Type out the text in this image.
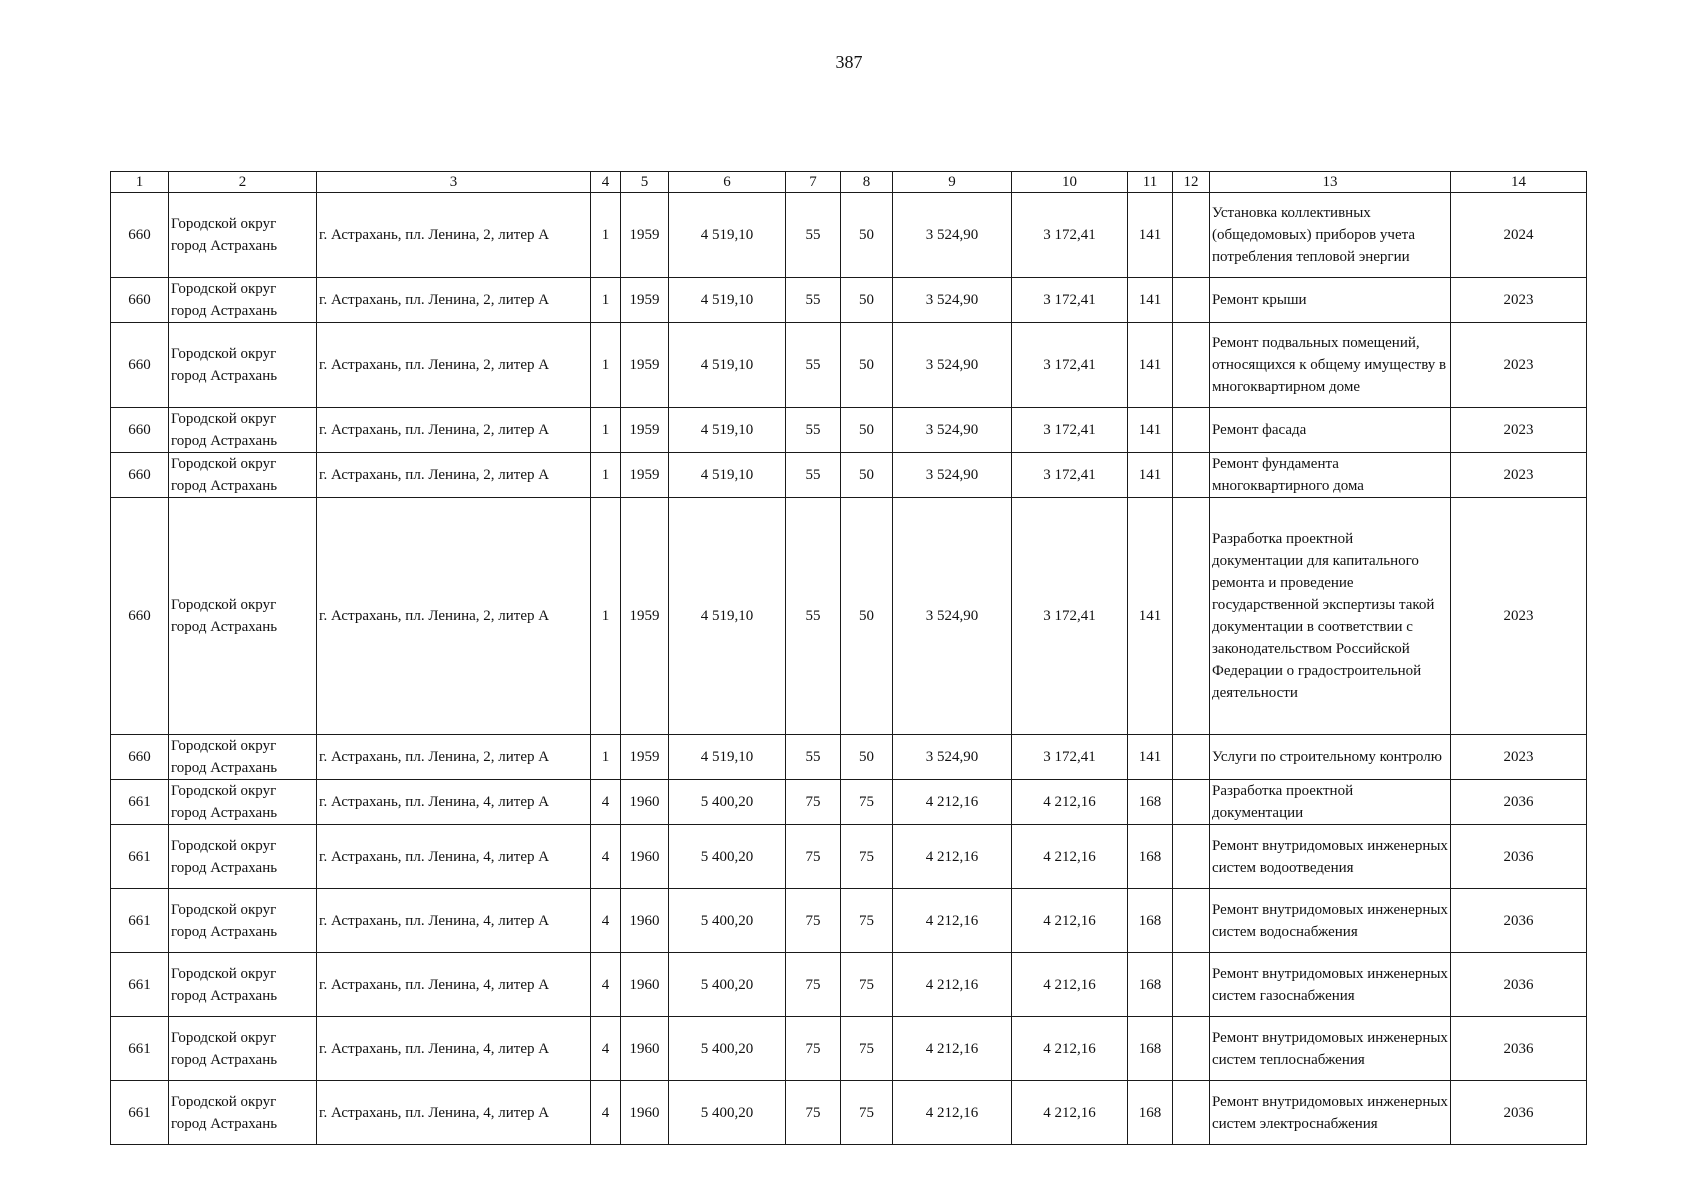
387
1	2	3	4	5	6	7	8	9	10	11	12	13	14
660	Городской округ город Астрахань	г. Астрахань, пл. Ленина, 2, литер А	1	1959	4 519,10	55	50	3 524,90	3 172,41	141		Установка коллективных (общедомовых) приборов учета потребления тепловой энергии	2024
660	Городской округ город Астрахань	г. Астрахань, пл. Ленина, 2, литер А	1	1959	4 519,10	55	50	3 524,90	3 172,41	141		Ремонт крыши	2023
660	Городской округ город Астрахань	г. Астрахань, пл. Ленина, 2, литер А	1	1959	4 519,10	55	50	3 524,90	3 172,41	141		Ремонт подвальных помещений, относящихся к общему имуществу в многоквартирном доме	2023
660	Городской округ город Астрахань	г. Астрахань, пл. Ленина, 2, литер А	1	1959	4 519,10	55	50	3 524,90	3 172,41	141		Ремонт фасада	2023
660	Городской округ город Астрахань	г. Астрахань, пл. Ленина, 2, литер А	1	1959	4 519,10	55	50	3 524,90	3 172,41	141		Ремонт фундамента многоквартирного дома	2023
660	Городской округ город Астрахань	г. Астрахань, пл. Ленина, 2, литер А	1	1959	4 519,10	55	50	3 524,90	3 172,41	141		Разработка проектной документации для капитального ремонта и проведение государственной экспертизы такой документации в соответствии с законодательством Российской Федерации о градостроительной деятельности	2023
660	Городской округ город Астрахань	г. Астрахань, пл. Ленина, 2, литер А	1	1959	4 519,10	55	50	3 524,90	3 172,41	141		Услуги по строительному контролю	2023
661	Городской округ город Астрахань	г. Астрахань, пл. Ленина, 4, литер А	4	1960	5 400,20	75	75	4 212,16	4 212,16	168		Разработка проектной документации	2036
661	Городской округ город Астрахань	г. Астрахань, пл. Ленина, 4, литер А	4	1960	5 400,20	75	75	4 212,16	4 212,16	168		Ремонт внутридомовых инженерных систем водоотведения	2036
661	Городской округ город Астрахань	г. Астрахань, пл. Ленина, 4, литер А	4	1960	5 400,20	75	75	4 212,16	4 212,16	168		Ремонт внутридомовых инженерных систем водоснабжения	2036
661	Городской округ город Астрахань	г. Астрахань, пл. Ленина, 4, литер А	4	1960	5 400,20	75	75	4 212,16	4 212,16	168		Ремонт внутридомовых инженерных систем газоснабжения	2036
661	Городской округ город Астрахань	г. Астрахань, пл. Ленина, 4, литер А	4	1960	5 400,20	75	75	4 212,16	4 212,16	168		Ремонт внутридомовых инженерных систем теплоснабжения	2036
661	Городской округ город Астрахань	г. Астрахань, пл. Ленина, 4, литер А	4	1960	5 400,20	75	75	4 212,16	4 212,16	168		Ремонт внутридомовых инженерных систем электроснабжения	2036
